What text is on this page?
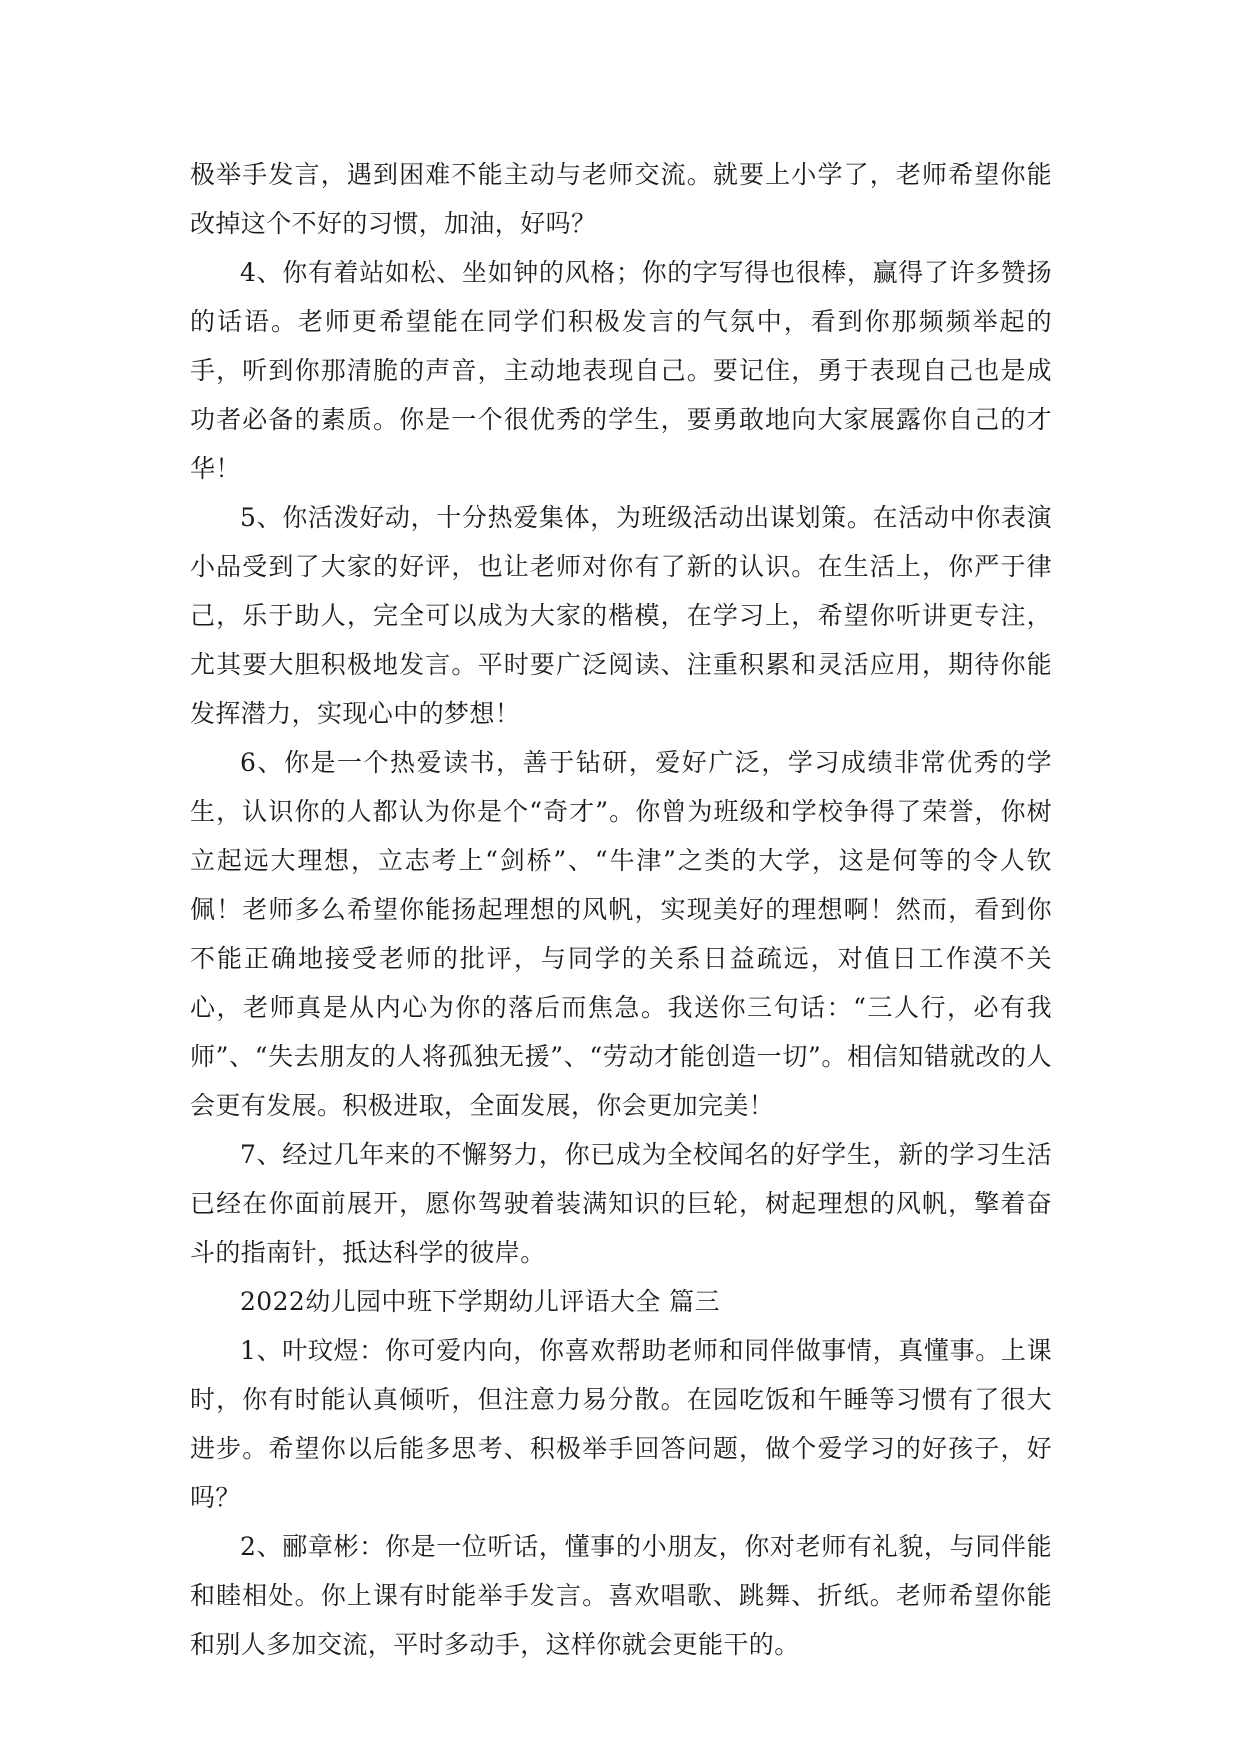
极举手发言，遇到困难不能主动与老师交流。就要上小学了，老师希望你能改掉这个不好的习惯，加油，好吗？

4、你有着站如松、坐如钟的风格；你的字写得也很棒，赢得了许多赞扬的话语。老师更希望能在同学们积极发言的气氛中，看到你那频频举起的手，听到你那清脆的声音，主动地表现自己。要记住，勇于表现自己也是成功者必备的素质。你是一个很优秀的学生，要勇敢地向大家展露你自己的才华！

5、你活泼好动，十分热爱集体，为班级活动出谋划策。在活动中你表演小品受到了大家的好评，也让老师对你有了新的认识。在生活上，你严于律己，乐于助人，完全可以成为大家的楷模，在学习上，希望你听讲更专注，尤其要大胆积极地发言。平时要广泛阅读、注重积累和灵活应用，期待你能发挥潜力，实现心中的梦想！

6、你是一个热爱读书，善于钻研，爱好广泛，学习成绩非常优秀的学生，认识你的人都认为你是个“奇才”。你曾为班级和学校争得了荣誉，你树立起远大理想，立志考上“剑桥”、“牛津”之类的大学，这是何等的令人钦佩！老师多么希望你能扬起理想的风帆，实现美好的理想啊！然而，看到你不能正确地接受老师的批评，与同学的关系日益疏远，对值日工作漠不关心，老师真是从内心为你的落后而焦急。我送你三句话：“三人行，必有我师”、“失去朋友的人将孤独无援”、“劳动才能创造一切”。相信知错就改的人会更有发展。积极进取，全面发展，你会更加完美！

7、经过几年来的不懈努力，你已成为全校闻名的好学生，新的学习生活已经在你面前展开，愿你驾驶着装满知识的巨轮，树起理想的风帆，擎着奋斗的指南针，抵达科学的彼岸。

2022幼儿园中班下学期幼儿评语大全 篇三

1、叶玟煜：你可爱内向，你喜欢帮助老师和同伴做事情，真懂事。上课时，你有时能认真倾听，但注意力易分散。在园吃饭和午睡等习惯有了很大进步。希望你以后能多思考、积极举手回答问题，做个爱学习的好孩子，好吗？

2、郦章彬：你是一位听话，懂事的小朋友，你对老师有礼貌，与同伴能和睦相处。你上课有时能举手发言。喜欢唱歌、跳舞、折纸。老师希望你能和别人多加交流，平时多动手，这样你就会更能干的。
